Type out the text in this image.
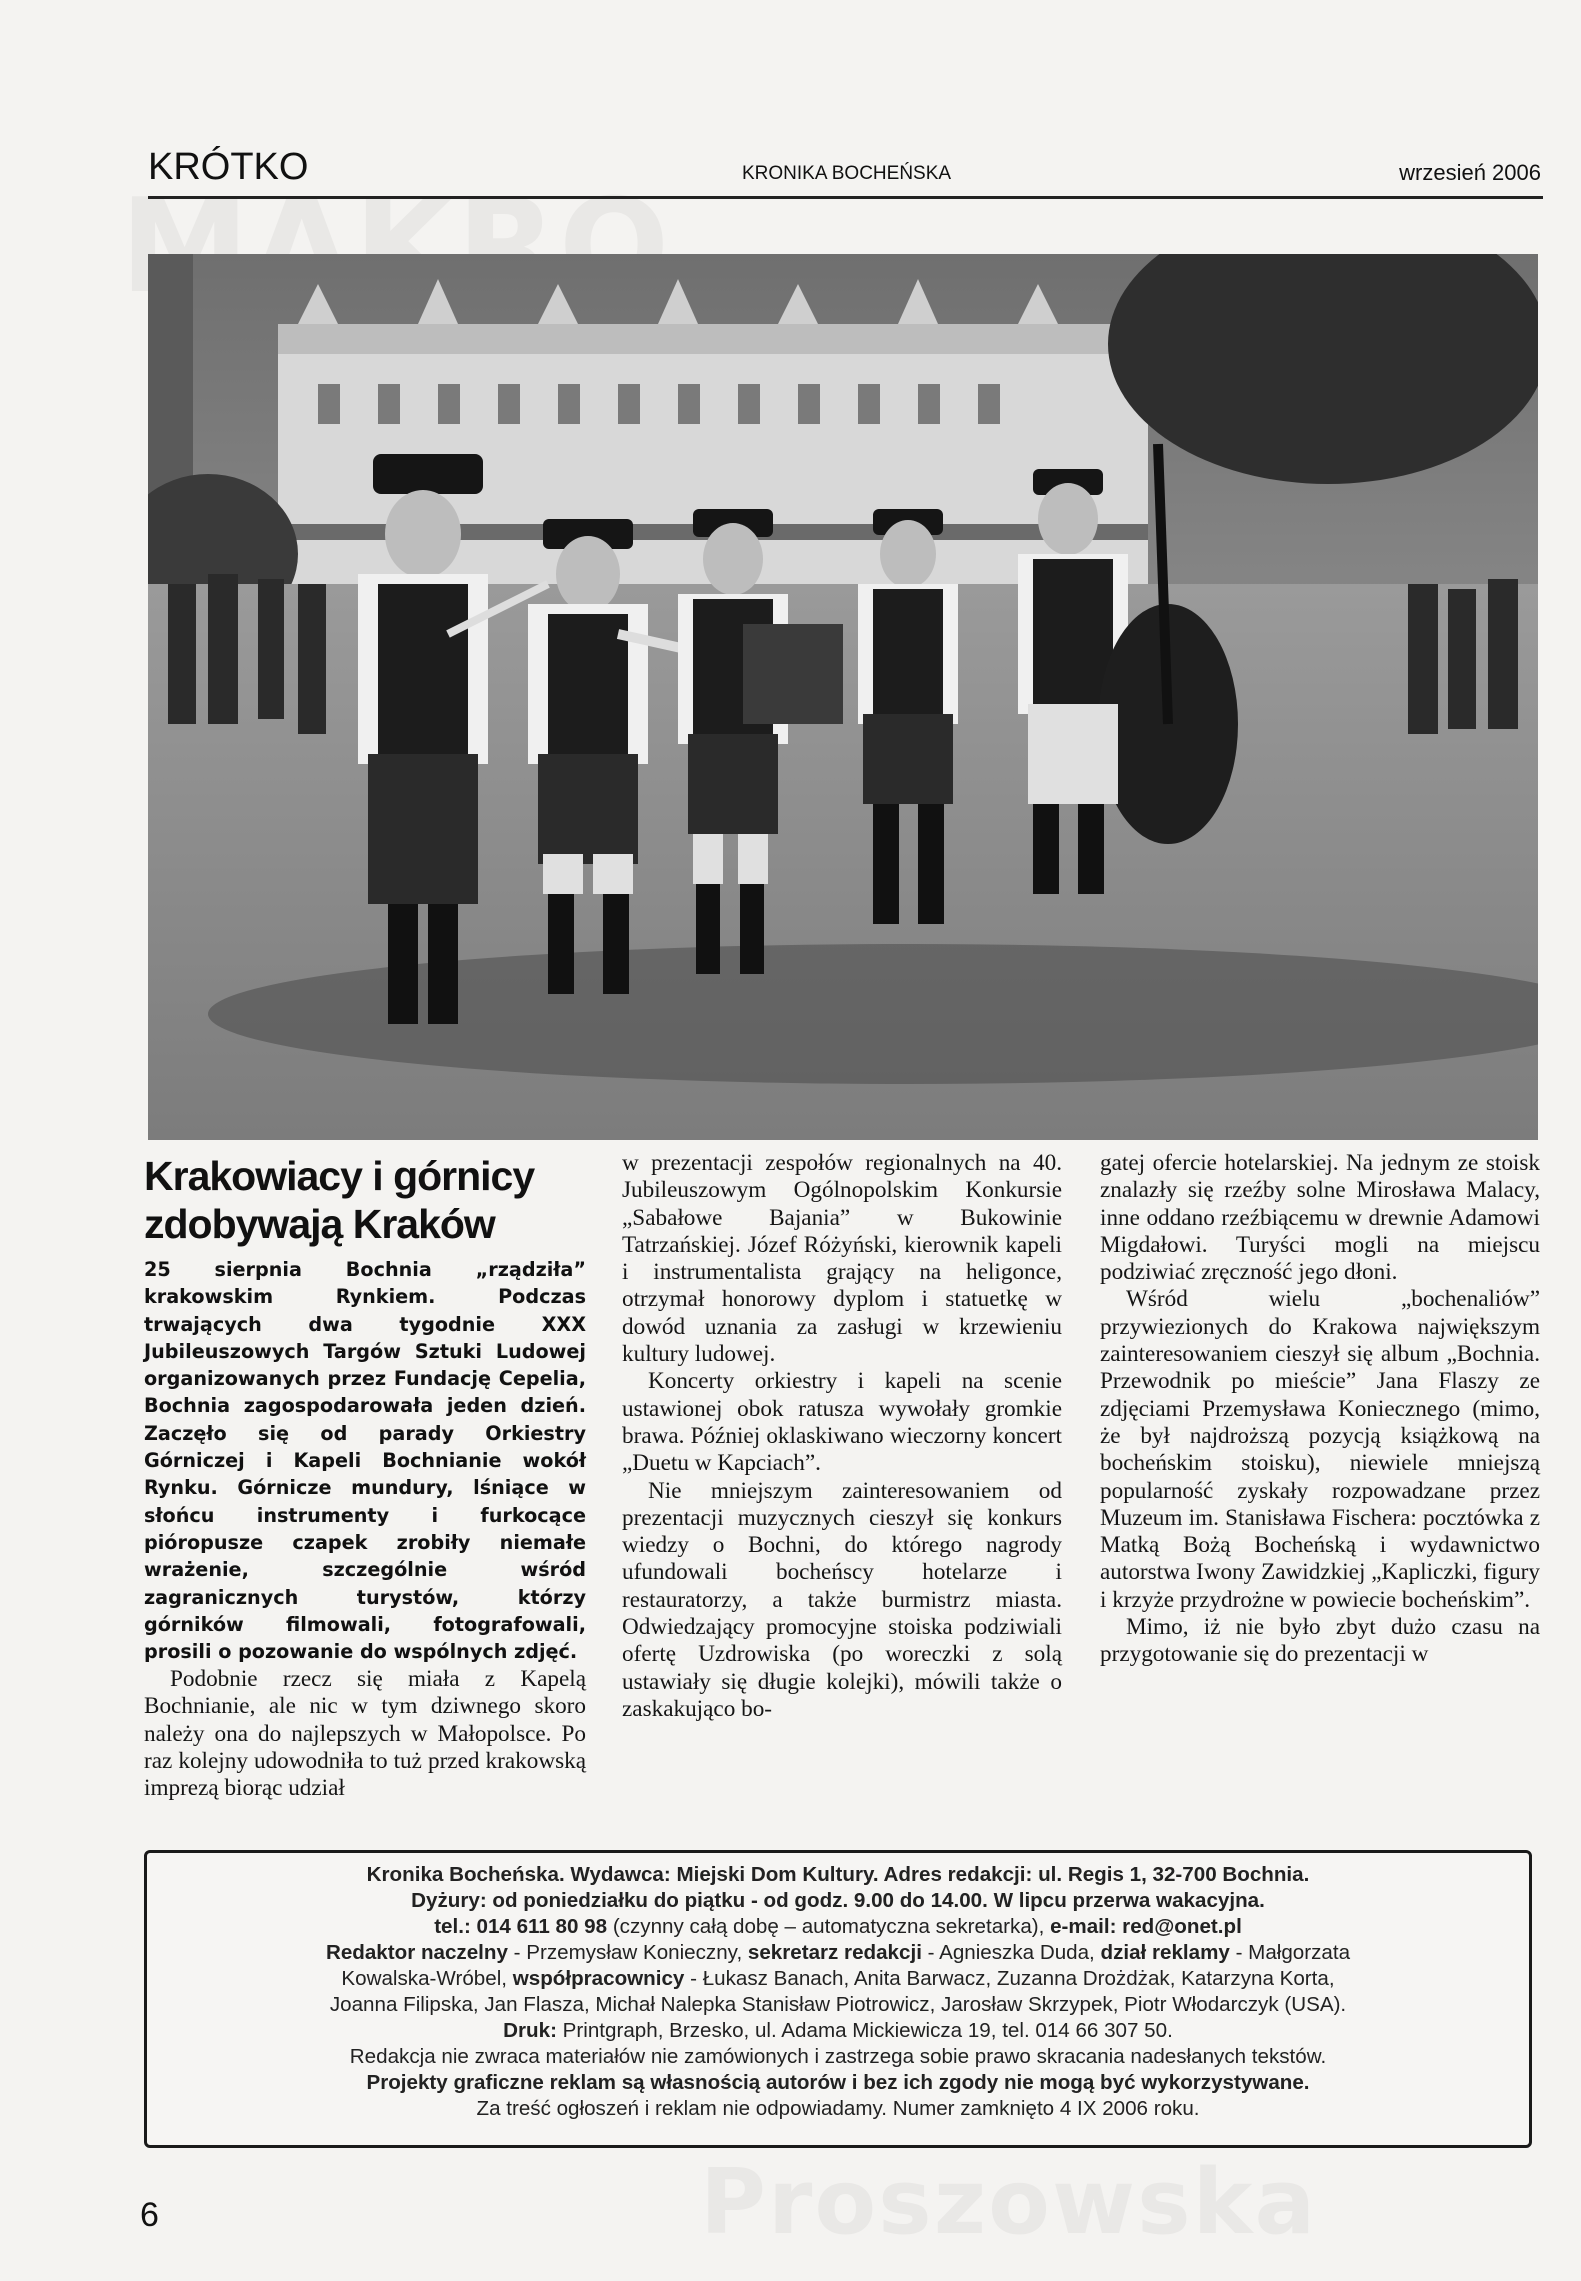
KRÓTKO	KRONIKA BOCHEŃSKA	wrzesień 2006
Krakowiacy i górnicy
zdobywają Kraków
25 sierpnia Bochnia „rządziła” krakowskim Rynkiem. Podczas trwających dwa tygodnie XXX Jubileuszowych Targów Sztuki Ludowej organizowanych przez Fundację Cepelia, Bochnia zagospodarowała jeden dzień. Zaczęło się od parady Orkiestry Górniczej i Kapeli Bochnianie wokół Rynku. Górnicze mundury, lśniące w słońcu instrumenty i furkocące pióropusze czapek zrobiły niemałe wrażenie, szczególnie wśród zagranicznych turystów, którzy górników filmowali, fotografowali, prosili o pozowanie do wspólnych zdjęć.

Podobnie rzecz się miała z Kapelą Bochnianie, ale nic w tym dziwnego skoro należy ona do najlepszych w Małopolsce. Po raz kolejny udowodniła to tuż przed krakowską imprezą biorąc udział

w prezentacji zespołów regionalnych na 40. Jubileuszowym Ogólnopolskim Konkursie „Sabałowe Bajania” w Bukowinie Tatrzańskiej. Józef Różyński, kierownik kapeli i instrumentalista grający na heligonce, otrzymał honorowy dyplom i statuetkę w dowód uznania za zasługi w krzewieniu kultury ludowej.

Koncerty orkiestry i kapeli na scenie ustawionej obok ratusza wywołały gromkie brawa. Później oklaskiwano wieczorny koncert „Duetu w Kapciach”.

Nie mniejszym zainteresowaniem od prezentacji muzycznych cieszył się konkurs wiedzy o Bochni, do którego nagrody ufundowali bocheńscy hotelarze i restauratorzy, a także burmistrz miasta. Odwiedzający promocyjne stoiska podziwiali ofertę Uzdrowiska (po woreczki z solą ustawiały się długie kolejki), mówili także o zaskakująco bo-

gatej ofercie hotelarskiej. Na jednym ze stoisk znalazły się rzeźby solne Mirosława Malacy, inne oddano rzeźbiącemu w drewnie Adamowi Migdałowi. Turyści mogli na miejscu podziwiać zręczność jego dłoni.

Wśród wielu „bochenaliów” przywiezionych do Krakowa największym zainteresowaniem cieszył się album „Bochnia. Przewodnik po mieście” Jana Flaszy ze zdjęciami Przemysława Koniecznego (mimo, że był najdroższą pozycją książkową na bocheńskim stoisku), niewiele mniejszą popularność zyskały rozpowadzane przez Muzeum im. Stanisława Fischera: pocztówka z Matką Bożą Bocheńską i wydawnictwo autorstwa Iwony Zawidzkiej „Kapliczki, figury i krzyże przydrożne w powiecie bocheńskim”.

Mimo, iż nie było zbyt dużo czasu na przygotowanie się do prezentacji w

Kronika Bocheńska. Wydawca: Miejski Dom Kultury. Adres redakcji: ul. Regis 1, 32-700 Bochnia.
Dyżury: od poniedziałku do piątku - od godz. 9.00 do 14.00. W lipcu przerwa wakacyjna.
tel.: 014 611 80 98 (czynny całą dobę – automatyczna sekretarka), e-mail: red@onet.pl
Redaktor naczelny - Przemysław Konieczny, sekretarz redakcji - Agnieszka Duda, dział reklamy - Małgorzata
Kowalska-Wróbel, współpracownicy - Łukasz Banach, Anita Barwacz, Zuzanna Drożdżak, Katarzyna Korta,
Joanna Filipska, Jan Flasza, Michał Nalepka Stanisław Piotrowicz, Jarosław Skrzypek, Piotr Włodarczyk (USA).
Druk: Printgraph, Brzesko, ul. Adama Mickiewicza 19, tel. 014 66 307 50.
Redakcja nie zwraca materiałów nie zamówionych i zastrzega sobie prawo skracania nadesłanych tekstów.
Projekty graficzne reklam są własnością autorów i bez ich zgody nie mogą być wykorzystywane.
Za treść ogłoszeń i reklam nie odpowiadamy. Numer zamknięto 4 IX 2006 roku.
6
